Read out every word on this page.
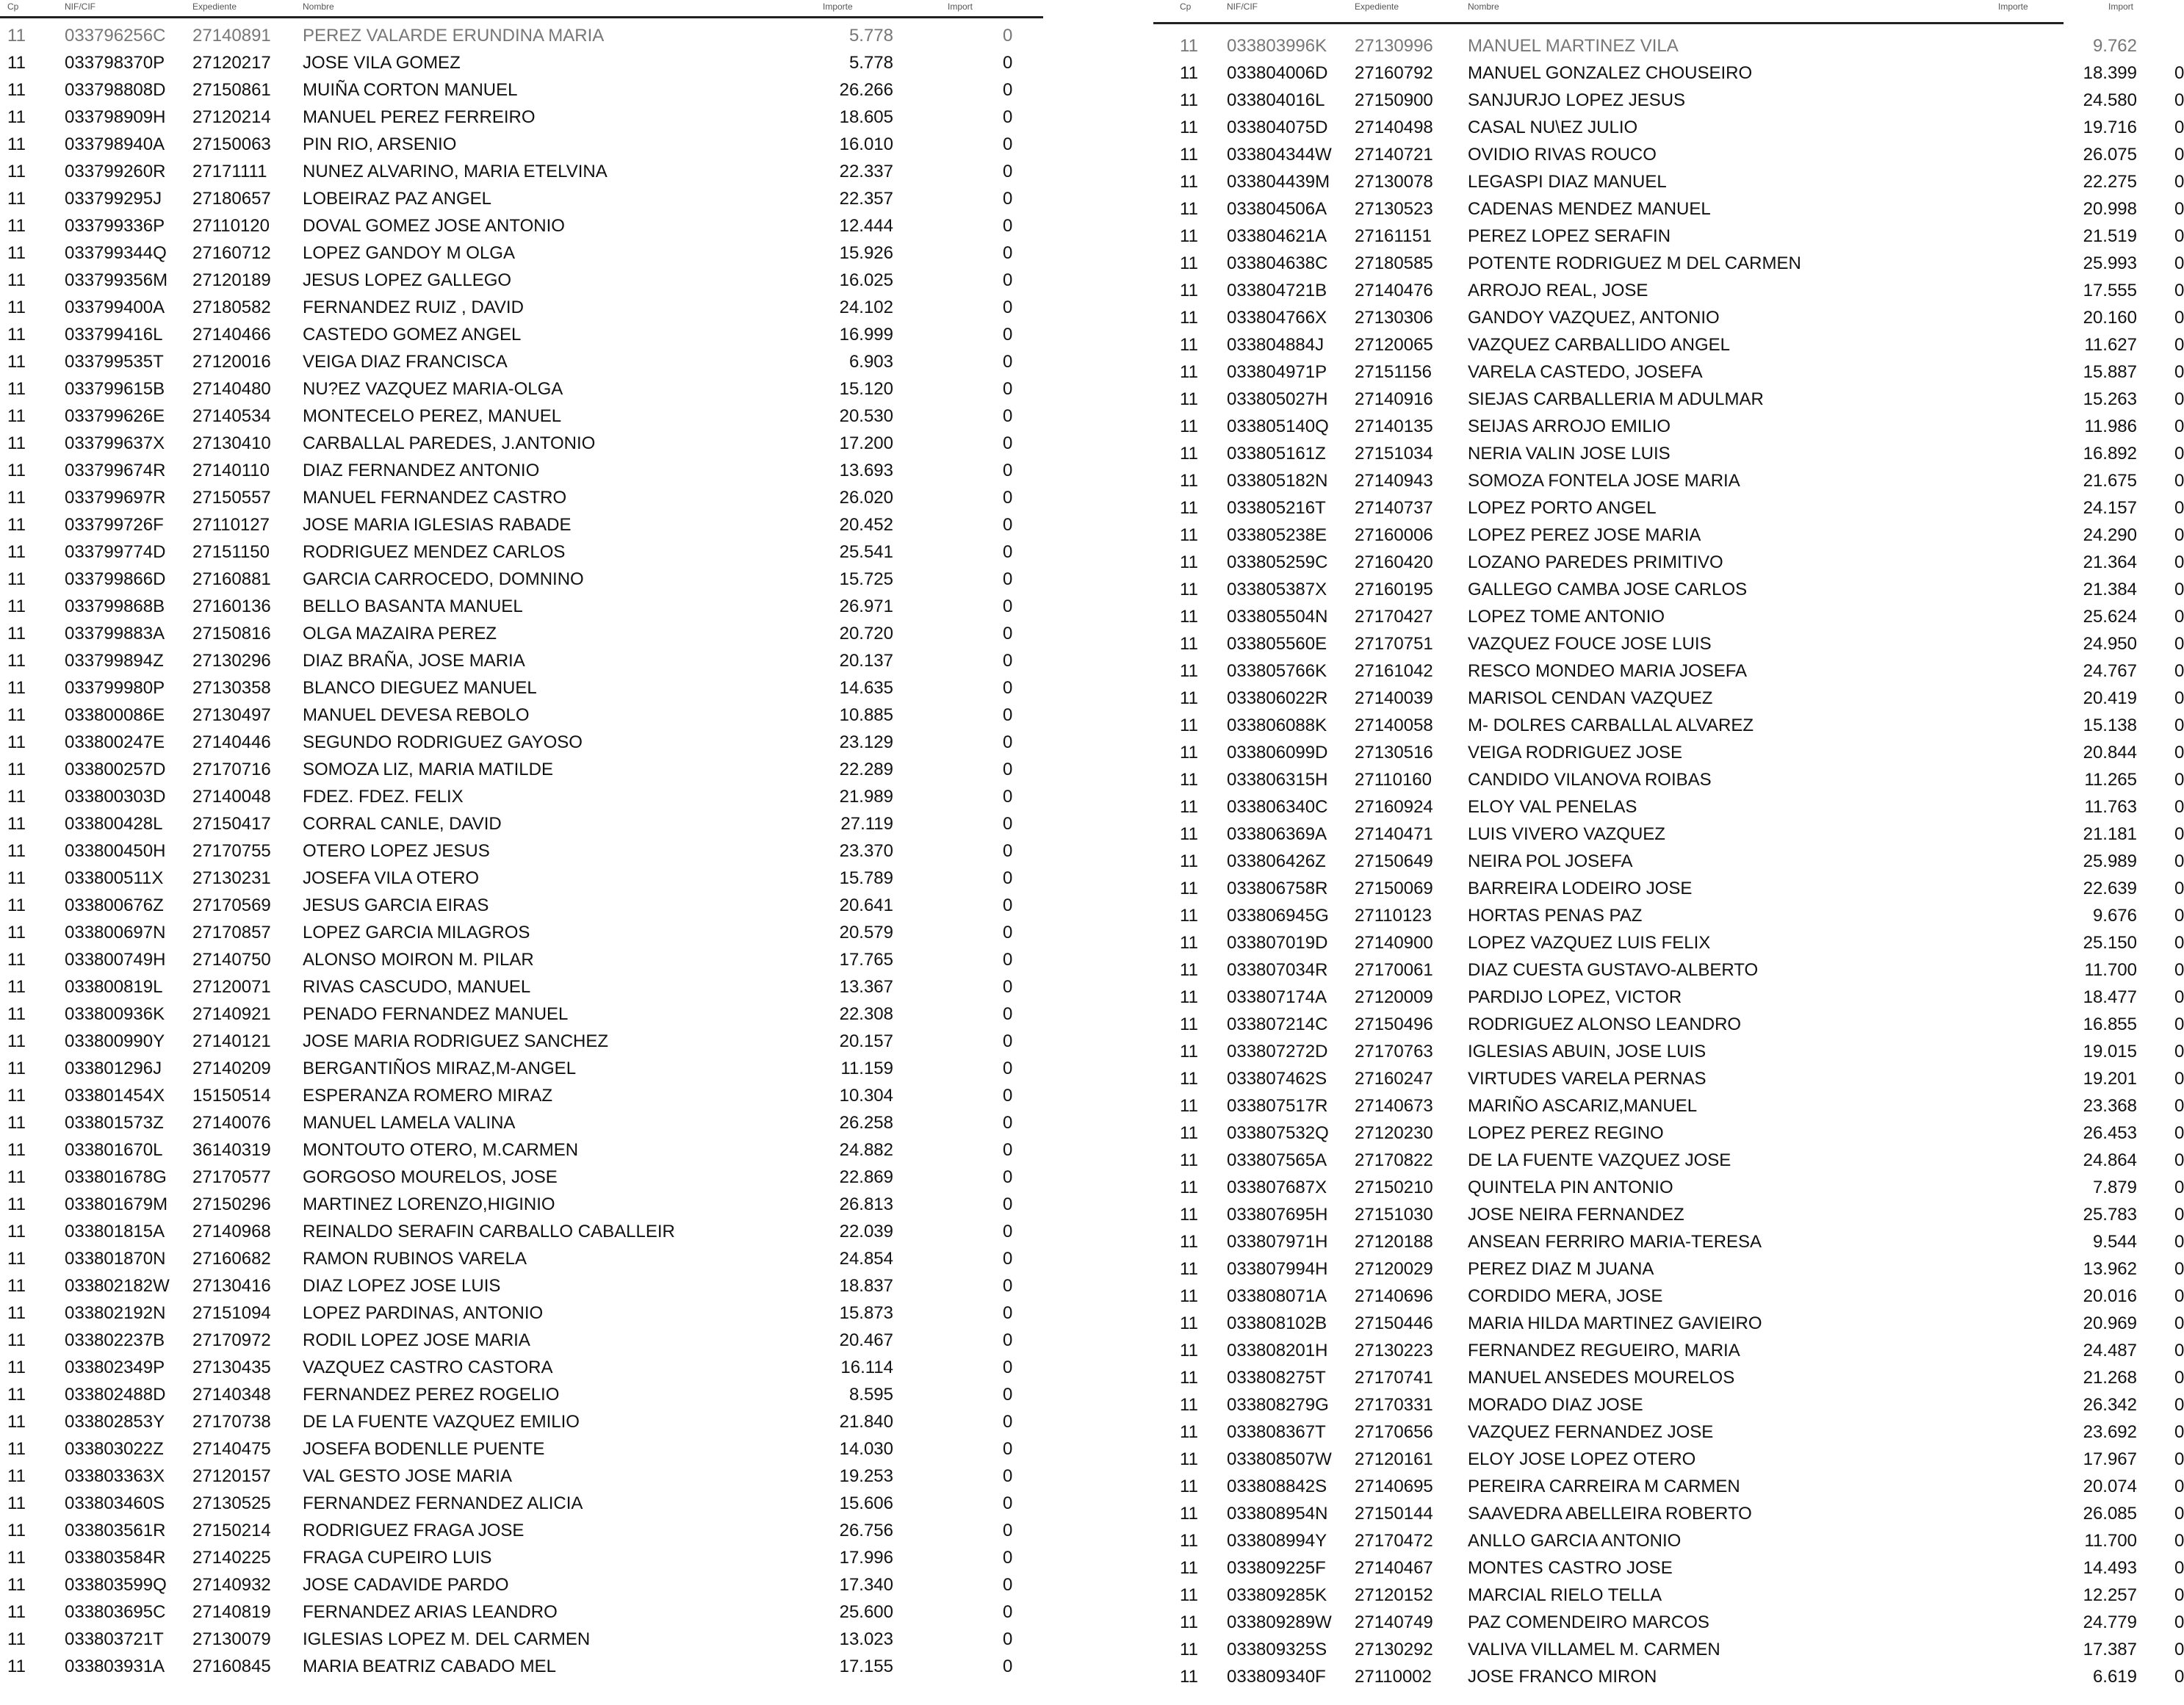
Cp	NIF/CIF	Expediente	Nombre	Importe	Import
11 033796256C 27140891 PEREZ VALARDE ERUNDINA MARIA	5.778	0
11 033798370P 27120217 JOSE VILA GOMEZ	5.778	0
11 033798808D 27150861 MUIÑA CORTON MANUEL	26.266	0
11 033798909H 27120214 MANUEL PEREZ FERREIRO	18.605	0
11 033798940A 27150063 PIN RIO, ARSENIO	16.010	0
11 033799260R 27171111 NUNEZ ALVARINO, MARIA ETELVINA	22.337	0
11 033799295J 27180657 LOBEIRAZ PAZ ANGEL	22.357	0
11 033799336P 27110120 DOVAL GOMEZ JOSE ANTONIO	12.444	0
11 033799344Q 27160712 LOPEZ GANDOY M OLGA	15.926	0
11 033799356M 27120189 JESUS LOPEZ GALLEGO	16.025	0
11 033799400A 27180582 FERNANDEZ RUIZ , DAVID	24.102	0
11 033799416L 27140466 CASTEDO GOMEZ ANGEL	16.999	0
11 033799535T 27120016 VEIGA DIAZ FRANCISCA	6.903	0
11 033799615B 27140480 NU?EZ VAZQUEZ MARIA-OLGA	15.120	0
11 033799626E 27140534 MONTECELO PEREZ, MANUEL	20.530	0
11 033799637X 27130410 CARBALLAL PAREDES, J.ANTONIO	17.200	0
11 033799674R 27140110 DIAZ FERNANDEZ ANTONIO	13.693	0
11 033799697R 27150557 MANUEL FERNANDEZ CASTRO	26.020	0
11 033799726F 27110127 JOSE MARIA IGLESIAS RABADE	20.452	0
11 033799774D 27151150 RODRIGUEZ MENDEZ CARLOS	25.541	0
11 033799866D 27160881 GARCIA CARROCEDO, DOMNINO	15.725	0
11 033799868B 27160136 BELLO BASANTA MANUEL	26.971	0
11 033799883A 27150816 OLGA MAZAIRA PEREZ	20.720	0
11 033799894Z 27130296 DIAZ BRAÑA, JOSE MARIA	20.137	0
11 033799980P 27130358 BLANCO DIEGUEZ MANUEL	14.635	0
11 033800086E 27130497 MANUEL DEVESA REBOLO	10.885	0
11 033800247E 27140446 SEGUNDO RODRIGUEZ GAYOSO	23.129	0
11 033800257D 27170716 SOMOZA LIZ, MARIA MATILDE	22.289	0
11 033800303D 27140048 FDEZ. FDEZ. FELIX	21.989	0
11 033800428L 27150417 CORRAL CANLE, DAVID	27.119	0
11 033800450H 27170755 OTERO LOPEZ JESUS	23.370	0
11 033800511X 27130231 JOSEFA VILA OTERO	15.789	0
11 033800676Z 27170569 JESUS GARCIA EIRAS	20.641	0
11 033800697N 27170857 LOPEZ GARCIA MILAGROS	20.579	0
11 033800749H 27140750 ALONSO MOIRON M. PILAR	17.765	0
11 033800819L 27120071 RIVAS CASCUDO, MANUEL	13.367	0
11 033800936K 27140921 PENADO FERNANDEZ MANUEL	22.308	0
11 033800990Y 27140121 JOSE MARIA RODRIGUEZ SANCHEZ	20.157	0
11 033801296J 27140209 BERGANTIÑOS MIRAZ,M-ANGEL	11.159	0
11 033801454X 15150514 ESPERANZA ROMERO MIRAZ	10.304	0
11 033801573Z 27140076 MANUEL LAMELA VALINA	26.258	0
11 033801670L 36140319 MONTOUTO OTERO, M.CARMEN	24.882	0
11 033801678G 27170577 GORGOSO MOURELOS, JOSE	22.869	0
11 033801679M 27150296 MARTINEZ LORENZO,HIGINIO	26.813	0
11 033801815A 27140968 REINALDO SERAFIN CARBALLO CABALLEIR	22.039	0
11 033801870N 27160682 RAMON RUBINOS VARELA	24.854	0
11 033802182W 27130416 DIAZ LOPEZ JOSE LUIS	18.837	0
11 033802192N 27151094 LOPEZ PARDINAS, ANTONIO	15.873	0
11 033802237B 27170972 RODIL LOPEZ JOSE MARIA	20.467	0
11 033802349P 27130435 VAZQUEZ CASTRO CASTORA	16.114	0
11 033802488D 27140348 FERNANDEZ PEREZ ROGELIO	8.595	0
11 033802853Y 27170738 DE LA FUENTE VAZQUEZ EMILIO	21.840	0
11 033803022Z 27140475 JOSEFA BODENLLE PUENTE	14.030	0
11 033803363X 27120157 VAL GESTO JOSE MARIA	19.253	0
11 033803460S 27130525 FERNANDEZ FERNANDEZ ALICIA	15.606	0
11 033803561R 27150214 RODRIGUEZ FRAGA JOSE	26.756	0
11 033803584R 27140225 FRAGA CUPEIRO LUIS	17.996	0
11 033803599Q 27140932 JOSE CADAVIDE PARDO	17.340	0
11 033803695C 27140819 FERNANDEZ ARIAS LEANDRO	25.600	0
11 033803721T 27130079 IGLESIAS LOPEZ M. DEL CARMEN	13.023	0
11 033803931A 27160845 MARIA BEATRIZ CABADO MEL	17.155	0
Cp	NIF/CIF	Expediente	Nombre	Importe	Import
11 033803996K 27130996 MANUEL MARTINEZ VILA	9.762
11 033804006D 27160792 MANUEL GONZALEZ CHOUSEIRO	18.399 0
11 033804016L 27150900 SANJURJO LOPEZ JESUS	24.580 0
11 033804075D 27140498 CASAL NU\EZ JULIO	19.716 0
11 033804344W 27140721 OVIDIO RIVAS ROUCO	26.075 0
11 033804439M 27130078 LEGASPI DIAZ MANUEL	22.275 0
11 033804506A 27130523 CADENAS MENDEZ MANUEL	20.998 0
11 033804621A 27161151 PEREZ LOPEZ SERAFIN	21.519 0
11 033804638C 27180585 POTENTE RODRIGUEZ M DEL CARMEN	25.993 0
11 033804721B 27140476 ARROJO REAL, JOSE	17.555 0
11 033804766X 27130306 GANDOY VAZQUEZ, ANTONIO	20.160 0
11 033804884J 27120065 VAZQUEZ CARBALLIDO ANGEL	11.627 0
11 033804971P 27151156 VARELA CASTEDO, JOSEFA	15.887 0
11 033805027H 27140916 SIEJAS CARBALLERIA M ADULMAR	15.263 0
11 033805140Q 27140135 SEIJAS ARROJO EMILIO	11.986 0
11 033805161Z 27151034 NERIA VALIN JOSE LUIS	16.892 0
11 033805182N 27140943 SOMOZA FONTELA JOSE MARIA	21.675 0
11 033805216T 27140737 LOPEZ PORTO ANGEL	24.157 0
11 033805238E 27160006 LOPEZ PEREZ JOSE MARIA	24.290 0
11 033805259C 27160420 LOZANO PAREDES PRIMITIVO	21.364 0
11 033805387X 27160195 GALLEGO CAMBA JOSE CARLOS	21.384 0
11 033805504N 27170427 LOPEZ TOME ANTONIO	25.624 0
11 033805560E 27170751 VAZQUEZ FOUCE JOSE LUIS	24.950 0
11 033805766K 27161042 RESCO MONDEO MARIA JOSEFA	24.767 0
11 033806022R 27140039 MARISOL CENDAN VAZQUEZ	20.419 0
11 033806088K 27140058 M- DOLRES CARBALLAL ALVAREZ	15.138 0
11 033806099D 27130516 VEIGA RODRIGUEZ JOSE	20.844 0
11 033806315H 27110160 CANDIDO VILANOVA ROIBAS	11.265 0
11 033806340C 27160924 ELOY VAL PENELAS	11.763 0
11 033806369A 27140471 LUIS VIVERO VAZQUEZ	21.181 0
11 033806426Z 27150649 NEIRA POL JOSEFA	25.989 0
11 033806758R 27150069 BARREIRA LODEIRO JOSE	22.639 0
11 033806945G 27110123 HORTAS PENAS PAZ	9.676 0
11 033807019D 27140900 LOPEZ VAZQUEZ LUIS FELIX	25.150 0
11 033807034R 27170061 DIAZ CUESTA GUSTAVO-ALBERTO	11.700 0
11 033807174A 27120009 PARDIJO LOPEZ, VICTOR	18.477 0
11 033807214C 27150496 RODRIGUEZ ALONSO LEANDRO	16.855 0
11 033807272D 27170763 IGLESIAS ABUIN, JOSE LUIS	19.015 0
11 033807462S 27160247 VIRTUDES VARELA PERNAS	19.201 0
11 033807517R 27140673 MARIÑO ASCARIZ,MANUEL	23.368 0
11 033807532Q 27120230 LOPEZ PEREZ REGINO	26.453 0
11 033807565A 27170822 DE LA FUENTE VAZQUEZ JOSE	24.864 0
11 033807687X 27150210 QUINTELA PIN ANTONIO	7.879 0
11 033807695H 27151030 JOSE NEIRA FERNANDEZ	25.783 0
11 033807971H 27120188 ANSEAN FERRIRO MARIA-TERESA	9.544 0
11 033807994H 27120029 PEREZ DIAZ M JUANA	13.962 0
11 033808071A 27140696 CORDIDO MERA, JOSE	20.016 0
11 033808102B 27150446 MARIA HILDA MARTINEZ GAVIEIRO	20.969 0
11 033808201H 27130223 FERNANDEZ REGUEIRO, MARIA	24.487 0
11 033808275T 27170741 MANUEL ANSEDES MOURELOS	21.268 0
11 033808279G 27170331 MORADO DIAZ JOSE	26.342 0
11 033808367T 27170656 VAZQUEZ FERNANDEZ JOSE	23.692 0
11 033808507W 27120161 ELOY JOSE LOPEZ OTERO	17.967 0
11 033808842S 27140695 PEREIRA CARREIRA M CARMEN	20.074 0
11 033808954N 27150144 SAAVEDRA ABELLEIRA ROBERTO	26.085 0
11 033808994Y 27170472 ANLLO GARCIA ANTONIO	11.700 0
11 033809225F 27140467 MONTES CASTRO JOSE	14.493 0
11 033809285K 27120152 MARCIAL RIELO TELLA	12.257 0
11 033809289W 27140749 PAZ COMENDEIRO MARCOS	24.779 0
11 033809325S 27130292 VALIVA VILLAMEL M. CARMEN	17.387 0
11 033809340F 27110002 JOSE FRANCO MIRON	6.619 0
